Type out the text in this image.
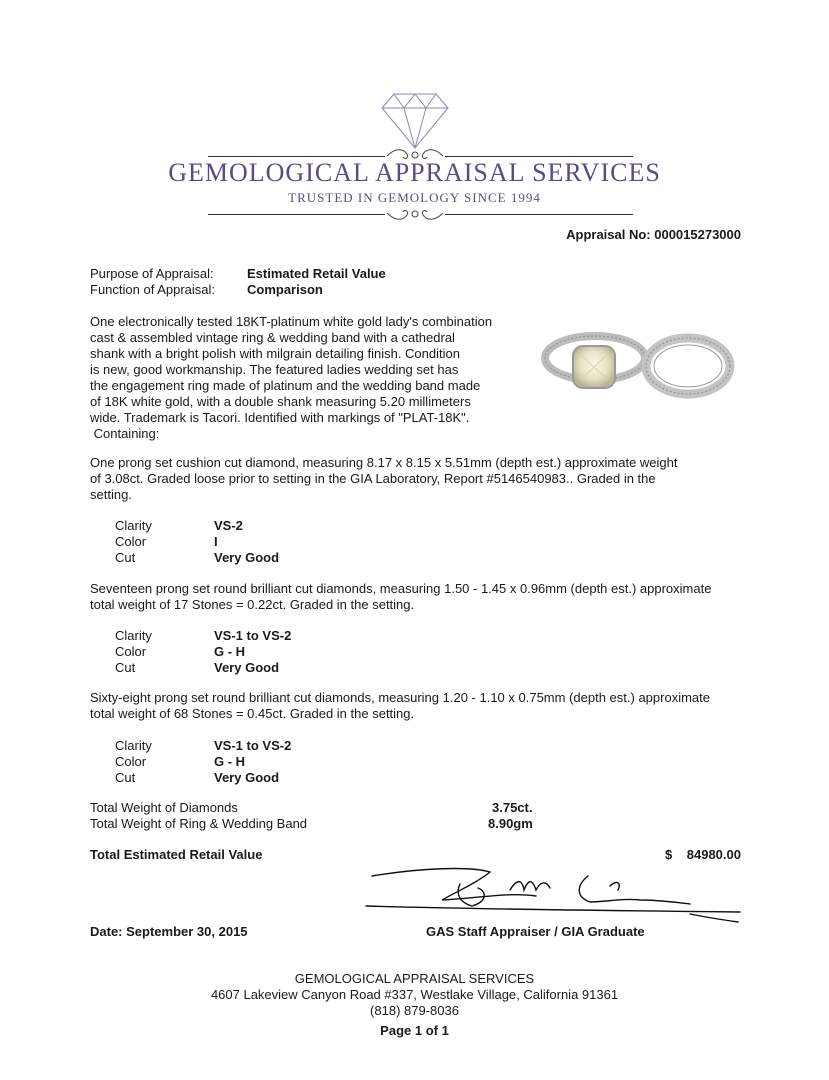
GEMOLOGICAL APPRAISAL SERVICES
TRUSTED IN GEMOLOGY SINCE 1994
Appraisal No: 000015273000
Purpose of Appraisal:	Estimated Retail Value
Function of Appraisal: Comparison
One electronically tested 18KT-platinum white gold lady's combination
cast & assembled vintage ring & wedding band with a cathedral
shank with a bright polish with milgrain detailing finish. Condition
is new, good workmanship. The featured ladies wedding set has
the engagement ring made of platinum and the wedding band made
of 18K white gold, with a double shank measuring 5.20 millimeters
wide. Trademark is Tacori. Identified with markings of "PLAT-18K".
Containing:
One prong set cushion cut diamond, measuring 8.17 x 8.15 x 5.51mm (depth est.) approximate weight
of 3.08ct. Graded loose prior to setting in the GIA Laboratory, Report #5146540983.. Graded in the
setting.
Clarity	VS-2
Color	I
Cut	Very Good
Seventeen prong set round brilliant cut diamonds, measuring 1.50 - 1.45 x 0.96mm (depth est.) approximate
total weight of 17 Stones = 0.22ct. Graded in the setting.
Clarity	VS-1 to VS-2
Color	G - H
Cut	Very Good
Sixty-eight prong set round brilliant cut diamonds, measuring 1.20 - 1.10 x 0.75mm (depth est.) approximate
total weight of 68 Stones = 0.45ct. Graded in the setting.
Clarity	VS-1 to VS-2
Color	G - H
Cut	Very Good
Total Weight of Diamonds	3.75ct.
Total Weight of Ring & Wedding Band	8.90gm
Total Estimated Retail Value	$ 84980.00
Date: September 30, 2015	GAS Staff Appraiser / GIA Graduate
GEMOLOGICAL APPRAISAL SERVICES
4607 Lakeview Canyon Road #337, Westlake Village, California 91361
(818) 879-8036
Page 1 of 1
